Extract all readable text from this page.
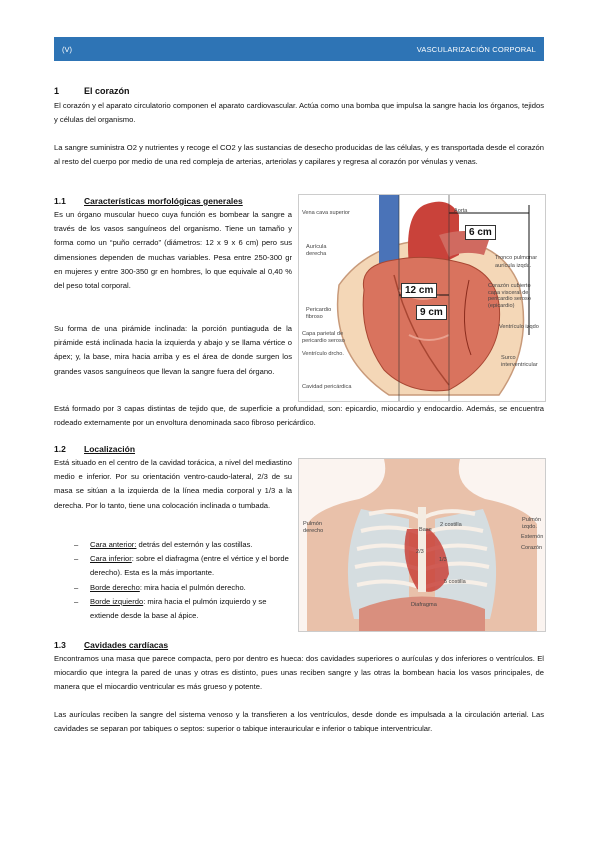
(V)	VASCULARIZACIÓN CORPORAL
1	El corazón
El corazón y el aparato circulatorio componen el aparato cardiovascular. Actúa como una bomba que impulsa la sangre hacia los órganos, tejidos y células del organismo.
La sangre suministra O2 y nutrientes y recoge el CO2 y las sustancias de desecho producidas de las células, y es transportada desde el corazón al resto del cuerpo por medio de una red compleja de arterias, arteriolas y capilares y regresa al corazón por vénulas y venas.
1.1 Características morfológicas generales
Es un órgano muscular hueco cuya función es bombear la sangre a través de los vasos sanguíneos del organismo. Tiene un tamaño y forma como un “puño cerrado” (diámetros: 12 x 9 x 6 cm) pero sus dimensiones dependen de muchas variables. Pesa entre 250-300 gr en mujeres y entre 300-350 gr en hombres, lo que equivale al 0,40 % del peso total corporal.
Su forma de una pirámide inclinada: la porción puntiaguda de la pirámide está inclinada hacia la izquierda y abajo y se llama vértice o ápex; y, la base, mira hacia arriba y es el área de donde surgen los grandes vasos sanguíneos que llevan la sangre fuera del órgano.
Vena cava superior	Aorta
Tronco pulmonar
aurícula izqda.
Aurícula derecha
Corazón cubierto capa visceral del pericardio seroso (epicardio)
Pericardio fibroso
Capa parietal de pericardio seroso
Ventrículo izqdo
Ventrículo drcho.
Surco interventricular
Cavidad pericárdica
6 cm
12 cm
9 cm
Está formado por 3 capas distintas de tejido que, de superficie a profundidad, son: epicardio, miocardio y endocardio. Además, se encuentra rodeado externamente por un envoltura denominada saco fibroso pericárdico.
1.2 Localización
Está situado en el centro de la cavidad torácica, a nivel del mediastino medio e inferior. Por su orientación ventro-caudo-lateral, 2/3 de su masa se sitúan a la izquierda de la línea media corporal y 1/3 a la derecha. Por lo tanto, tiene una colocación inclinada o tumbada.
– Cara anterior: detrás del esternón y las costillas.
– Cara inferior: sobre el diafragma (entre el vértice y el borde derecho). Esta es la más importante.
– Borde derecho: mira hacia el pulmón derecho.
– Borde izquierdo: mira hacia el pulmón izquierdo y se extiende desde la base al ápice.
Pulmón derecho
Pulmón izqdo.
Esternón
Corazón
Base
2 costilla
2/3
1/3
5 costilla
Diafragma
1.3 Cavidades cardíacas
Encontramos una masa que parece compacta, pero por dentro es hueca: dos cavidades superiores o aurículas y dos inferiores o ventrículos. El miocardio que integra la pared de unas y otras es distinto, pues unas reciben sangre y las otras la bombean hacia los vasos principales, de manera que el miocardio ventricular es más grueso y potente.
Las aurículas reciben la sangre del sistema venoso y la transfieren a los ventrículos, desde donde es impulsada a la circulación arterial. Las cavidades se separan por tabiques o septos: superior o tabique interauricular e inferior o tabique interventricular.
